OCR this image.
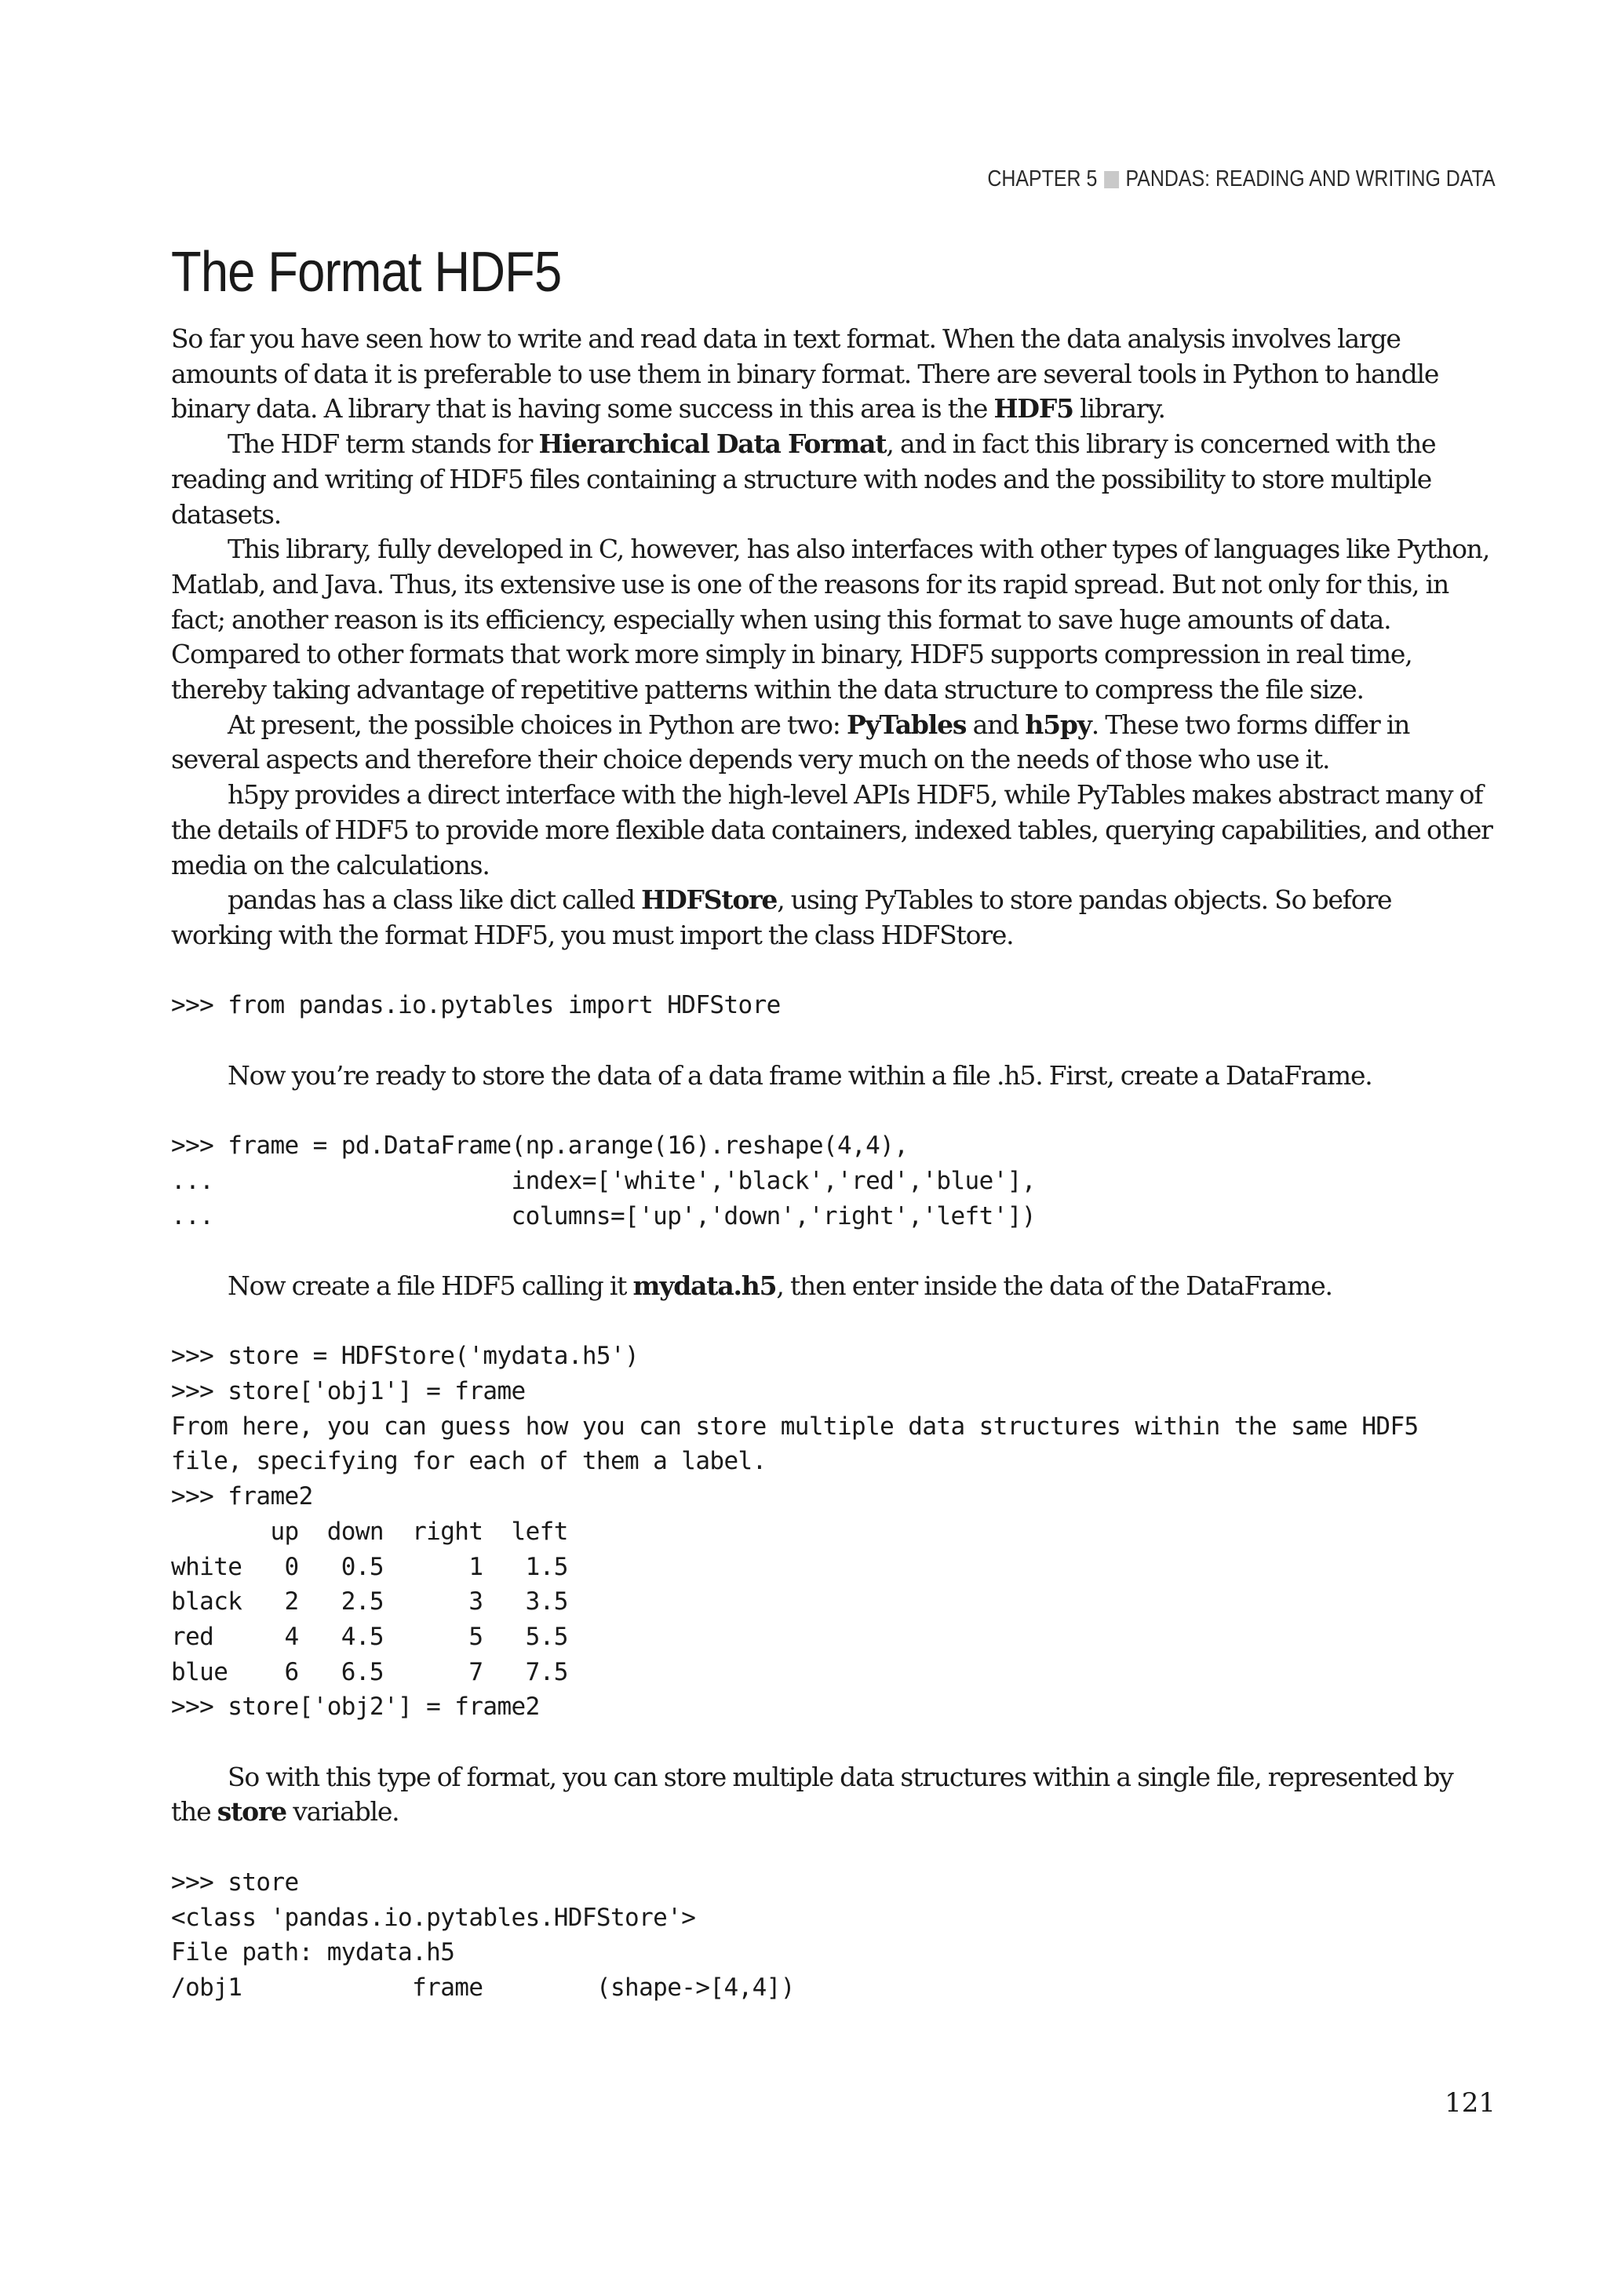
CHAPTER 5 PANDAS: READING AND WRITING DATA
The Format HDF5

So far you have seen how to write and read data in text format. When the data analysis involves large amounts of data it is preferable to use them in binary format. There are several tools in Python to handle binary data. A library that is having some success in this area is the HDF5 library.

The HDF term stands for Hierarchical Data Format, and in fact this library is concerned with the reading and writing of HDF5 files containing a structure with nodes and the possibility to store multiple datasets.

This library, fully developed in C, however, has also interfaces with other types of languages like Python, Matlab, and Java. Thus, its extensive use is one of the reasons for its rapid spread. But not only for this, in fact; another reason is its efficiency, especially when using this format to save huge amounts of data. Compared to other formats that work more simply in binary, HDF5 supports compression in real time, thereby taking advantage of repetitive patterns within the data structure to compress the file size.

At present, the possible choices in Python are two: PyTables and h5py. These two forms differ in several aspects and therefore their choice depends very much on the needs of those who use it.

h5py provides a direct interface with the high-level APIs HDF5, while PyTables makes abstract many of the details of HDF5 to provide more flexible data containers, indexed tables, querying capabilities, and other media on the calculations.

pandas has a class like dict called HDFStore, using PyTables to store pandas objects. So before working with the format HDF5, you must import the class HDFStore.

>>> from pandas.io.pytables import HDFStore

Now you’re ready to store the data of a data frame within a file .h5. First, create a DataFrame.

>>> frame = pd.DataFrame(np.arange(16).reshape(4,4),
...                     index=['white','black','red','blue'],
...                     columns=['up','down','right','left'])

Now create a file HDF5 calling it mydata.h5, then enter inside the data of the DataFrame.

>>> store = HDFStore('mydata.h5')
>>> store['obj1'] = frame
From here, you can guess how you can store multiple data structures within the same HDF5
file, specifying for each of them a label.
>>> frame2
up  down  right  left
white   0   0.5      1   1.5
black   2   2.5      3   3.5
red     4   4.5      5   5.5
blue    6   6.5      7   7.5
>>> store['obj2'] = frame2

So with this type of format, you can store multiple data structures within a single file, represented by the store variable.

>>> store
<class 'pandas.io.pytables.HDFStore'>
File path: mydata.h5
/obj1            frame        (shape->[4,4])
121
